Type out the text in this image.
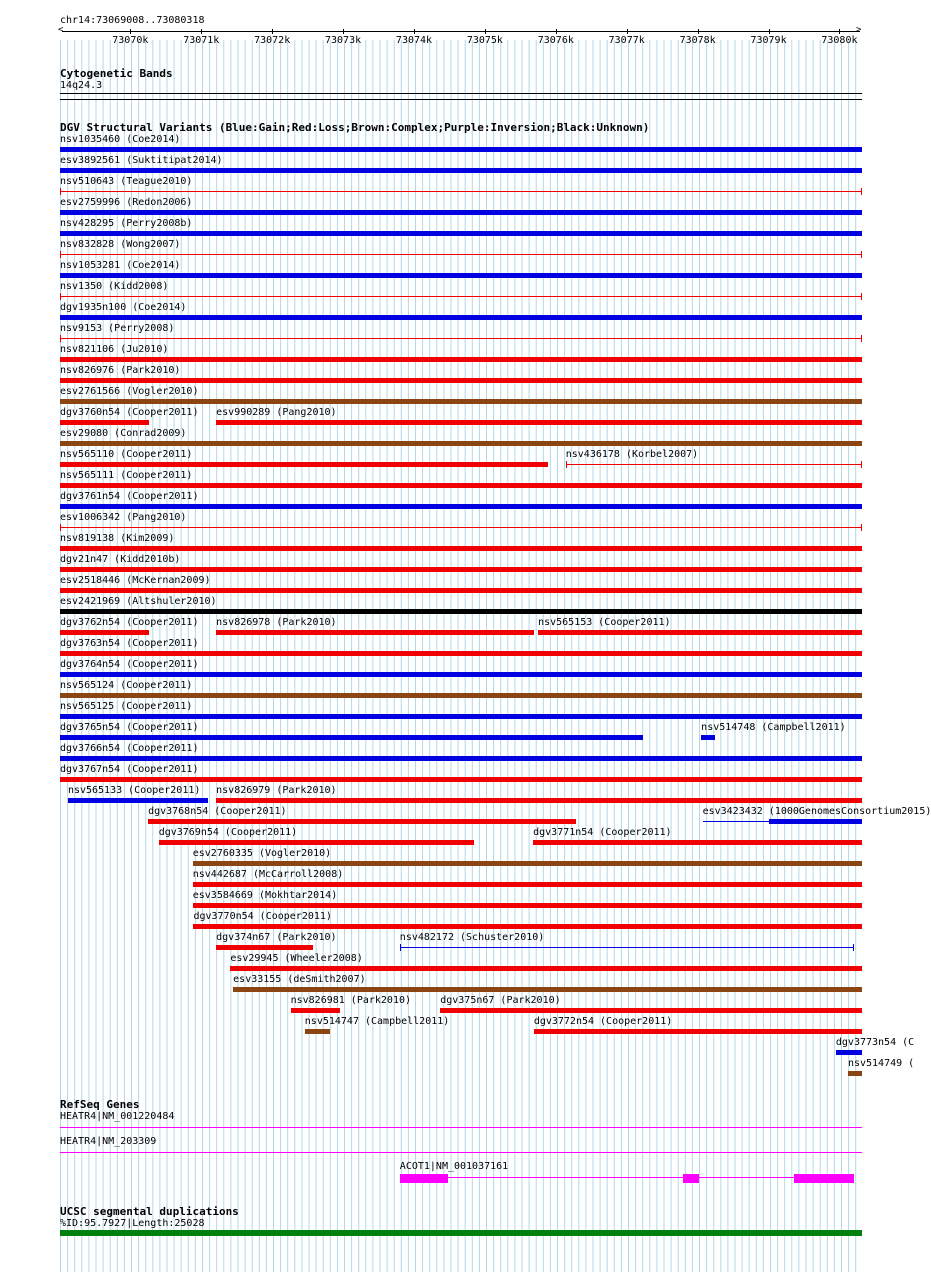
chr14:73069008..73080318
<	>
73070k	73071k	73072k	73073k	73074k	73075k	73076k	73077k	73078k	73079k	73080k
Cytogenetic Bands
14q24.3
DGV Structural Variants (Blue:Gain;Red:Loss;Brown:Complex;Purple:Inversion;Black:Unknown)
nsv1035460 (Coe2014)
esv3892561 (Suktitipat2014)
nsv510643 (Teague2010)
esv2759996 (Redon2006)
nsv428295 (Perry2008b)
nsv832828 (Wong2007)
nsv1053281 (Coe2014)
nsv1350 (Kidd2008)
dgv1935n100 (Coe2014)
nsv9153 (Perry2008)
nsv821106 (Ju2010)
nsv826976 (Park2010)
esv2761566 (Vogler2010)
dgv3760n54 (Cooper2011) esv990289 (Pang2010)
esv29080 (Conrad2009)
nsv565110 (Cooper2011)	nsv436178 (Korbel2007)
nsv565111 (Cooper2011)
dgv3761n54 (Cooper2011)
esv1006342 (Pang2010)
nsv819138 (Kim2009)
dgv21n47 (Kidd2010b)
esv2518446 (McKernan2009)
esv2421969 (Altshuler2010)
dgv3762n54 (Cooper2011) nsv826978 (Park2010)	nsv565153 (Cooper2011)
dgv3763n54 (Cooper2011)
dgv3764n54 (Cooper2011)
nsv565124 (Cooper2011)
nsv565125 (Cooper2011)
dgv3765n54 (Cooper2011)	nsv514748 (Campbell2011)
dgv3766n54 (Cooper2011)
dgv3767n54 (Cooper2011)
nsv565133 (Cooper2011) nsv826979 (Park2010)
dgv3768n54 (Cooper2011)	esv3423432 (1000GenomesConsortium2015)
dgv3769n54 (Cooper2011)	dgv3771n54 (Cooper2011)
esv2760335 (Vogler2010)
nsv442687 (McCarroll2008)
esv3584669 (Mokhtar2014)
dgv3770n54 (Cooper2011)
dgv374n67 (Park2010)	nsv482172 (Schuster2010)
esv29945 (Wheeler2008)
esv33155 (deSmith2007)
nsv826981 (Park2010)	dgv375n67 (Park2010)
nsv514747 (Campbell2011)	dgv3772n54 (Cooper2011)
dgv3773n54 (C
nsv514749 (
RefSeq Genes
HEATR4|NM_001220484
HEATR4|NM_203309
ACOT1|NM_001037161
UCSC segmental duplications
%ID:95.7927|Length:25028
